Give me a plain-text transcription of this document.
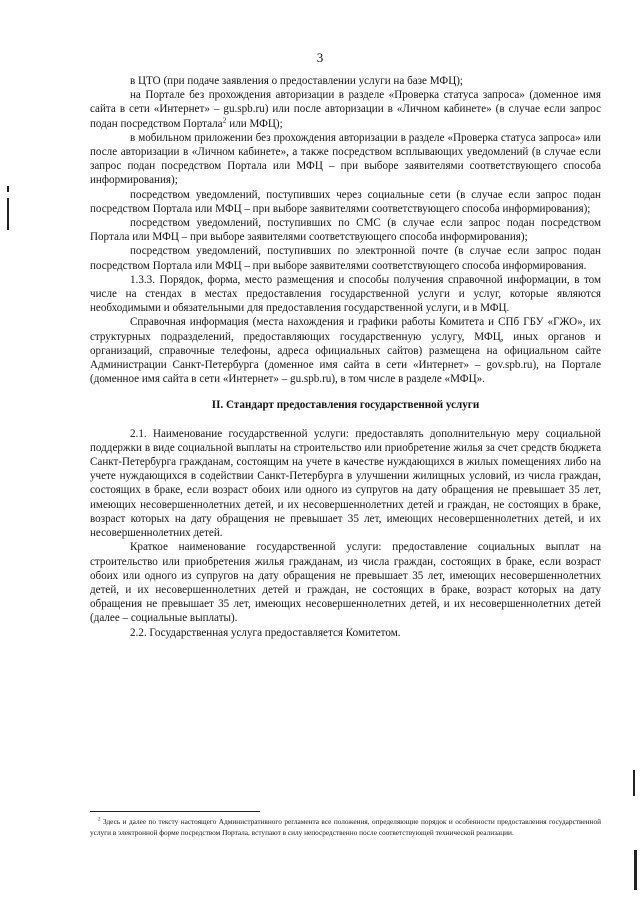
3

в ЦТО (при подаче заявления о предоставлении услуги на базе МФЦ);

на Портале без прохождения авторизации в разделе «Проверка статуса запроса» (доменное имя сайта в сети «Интернет» – gu.spb.ru) или после авторизации в «Личном кабинете» (в случае если запрос подан посредством Портала$^2$ или МФЦ);

в мобильном приложении без прохождения авторизации в разделе «Проверка статуса запроса» или после авторизации в «Личном кабинете», а также посредством всплывающих уведомлений (в случае если запрос подан посредством Портала или МФЦ – при выборе заявителями соответствующего способа информирования);

посредством уведомлений, поступивших через социальные сети (в случае если запрос подан посредством Портала или МФЦ – при выборе заявителями соответствующего способа информирования);

посредством уведомлений, поступивших по СМС (в случае если запрос подан посредством Портала или МФЦ – при выборе заявителями соответствующего способа информирования);

посредством уведомлений, поступивших по электронной почте (в случае если запрос подан посредством Портала или МФЦ – при выборе заявителями соответствующего способа информирования.

1.3.3. Порядок, форма, место размещения и способы получения справочной информации, в том числе на стендах в местах предоставления государственной услуги и услуг, которые являются необходимыми и обязательными для предоставления государственной услуги, и в МФЦ.

Справочная информация (места нахождения и графики работы Комитета и СПб ГБУ «ГЖО», их структурных подразделений, предоставляющих государственную услугу, МФЦ, иных органов и организаций, справочные телефоны, адреса официальных сайтов) размещена на официальном сайте Администрации Санкт-Петербурга (доменное имя сайта в сети «Интернет» – gov.spb.ru), на Портале (доменное имя сайта в сети «Интернет» – gu.spb.ru), в том числе в разделе «МФЦ».

II. Стандарт предоставления государственной услуги

2.1. Наименование государственной услуги: предоставлять дополнительную меру социальной поддержки в виде социальной выплаты на строительство или приобретение жилья за счет средств бюджета Санкт-Петербурга гражданам, состоящим на учете в качестве нуждающихся в жилых помещениях либо на учете нуждающихся в содействии Санкт-Петербурга в улучшении жилищных условий, из числа граждан, состоящих в браке, если возраст обоих или одного из супругов на дату обращения не превышает 35 лет, имеющих несовершеннолетних детей, и их несовершеннолетних детей и граждан, не состоящих в браке, возраст которых на дату обращения не превышает 35 лет, имеющих несовершеннолетних детей, и их несовершеннолетних детей.

Краткое наименование государственной услуги: предоставление социальных выплат на строительство или приобретения жилья гражданам, из числа граждан, состоящих в браке, если возраст обоих или одного из супругов на дату обращения не превышает 35 лет, имеющих несовершеннолетних детей, и их несовершеннолетних детей и граждан, не состоящих в браке, возраст которых на дату обращения не превышает 35 лет, имеющих несовершеннолетних детей, и их несовершеннолетних детей (далее – социальные выплаты).

2.2. Государственная услуга предоставляется Комитетом.

$^2$ Здесь и далее по тексту настоящего Административного регламента все положения, определяющие порядок и особенности предоставления государственной услуги в электронной форме посредством Портала, вступают в силу непосредственно после соответствующей технической реализации.
